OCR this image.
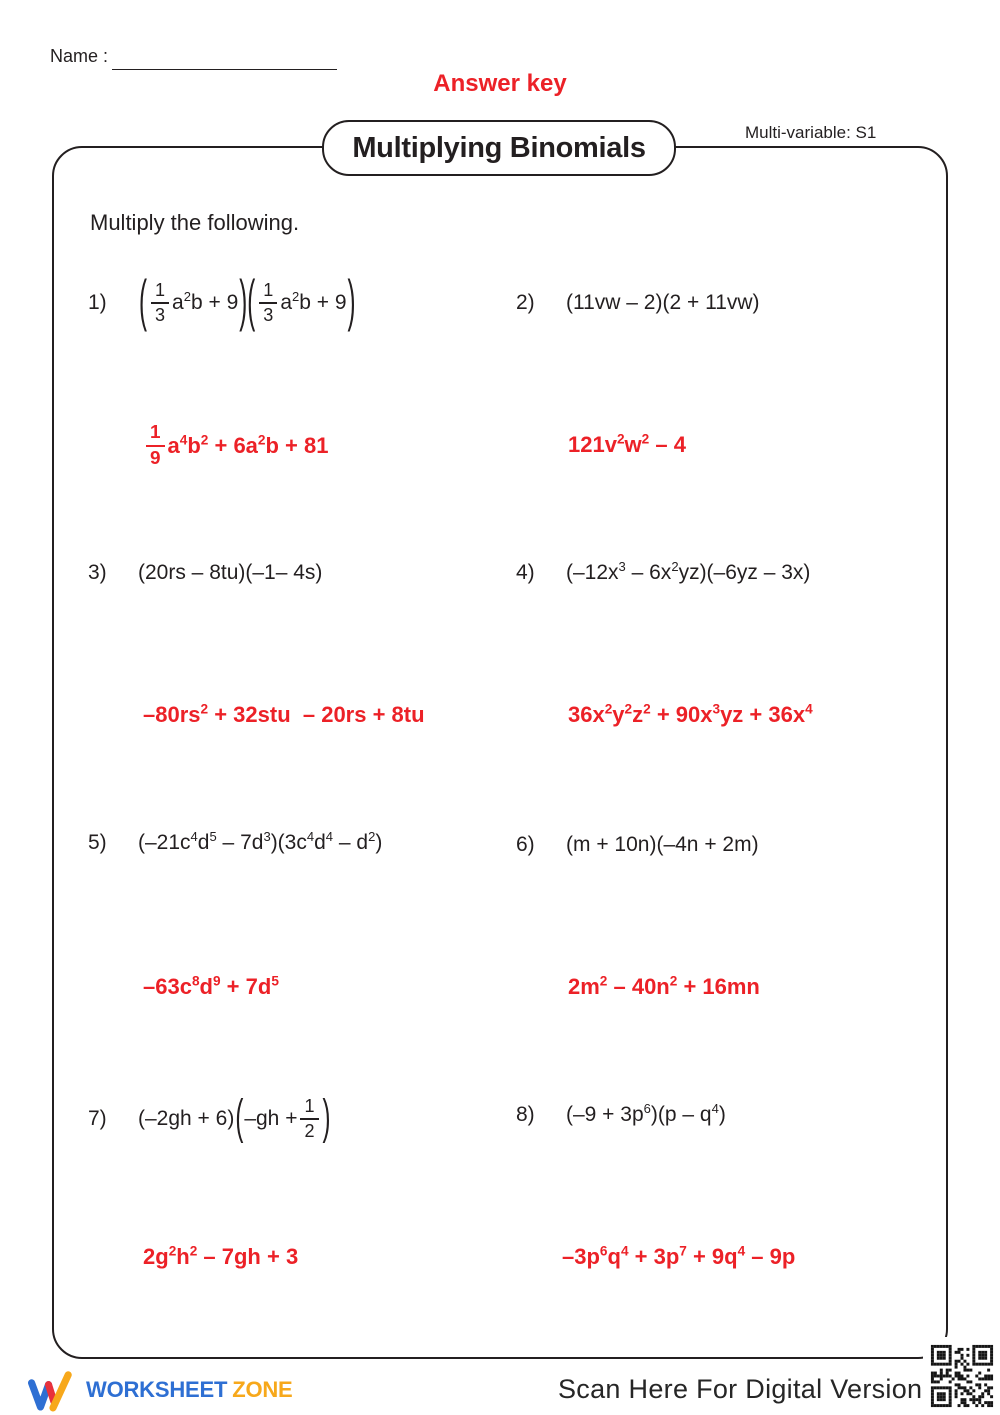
Name :
Answer key
Multiplying Binomials	Multi-variable: S1
Multiply the following.
1)	( $\frac{1}{3} a^2b + 9$ )( $\frac{1}{3} a^2b + 9$ )	2)	(11vw – 2)(2 + 11vw)
$\frac{1}{9} a^4b^2 + 6a^2b + 81$	$121v^2w^2 - 4$
3)	(20rs – 8tu)(–1– 4s)	4)	$(-12x^3 - 6x^2yz)(-6yz - 3x)$
$-80rs^2 + 32stu - 20rs + 8tu$	$36x^2y^2z^2 + 90x^3yz + 36x^4$
5)	$(-21c^4d^5 - 7d^3)(3c^4d^4 - d^2)$	6)	(m + 10n)(–4n + 2m)
$-63c^8d^9 + 7d^5$	$2m^2 - 40n^2 + 16mn$
7)	(–2gh + 6) ( $-gh + \frac{1}{2}$ )	8)	$(-9 + 3p^6)(p - q^4)$
$2g^2h^2 - 7gh + 3$	$-3p^6q^4 + 3p^7 + 9q^4 - 9p$
WORKSHEET ZONE	Scan Here For Digital Version
